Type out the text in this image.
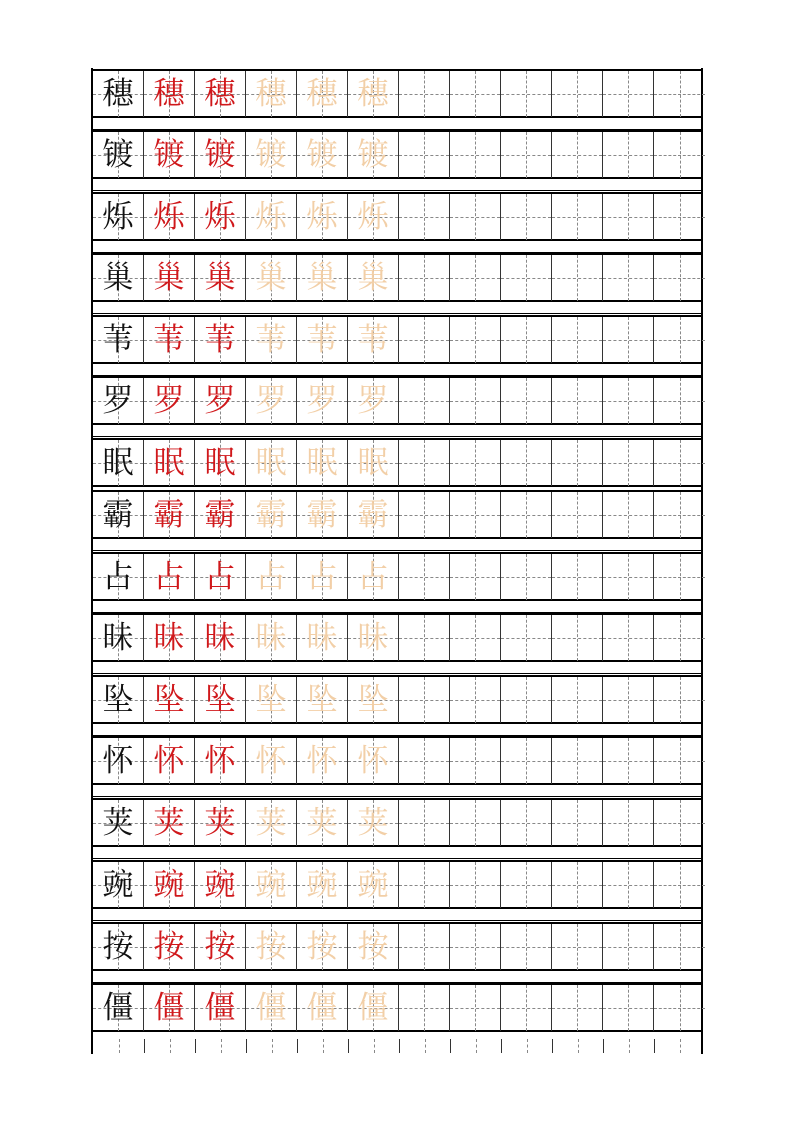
穗 穗 穗 穗 穗 穗
镀 镀 镀 镀 镀 镀
烁 烁 烁 烁 烁 烁
巢 巢 巢 巢 巢 巢
苇 苇 苇 苇 苇 苇
罗 罗 罗 罗 罗 罗
眠 眠 眠 眠 眠 眠
霸 霸 霸 霸 霸 霸
占 占 占 占 占 占
昧 昧 昧 昧 昧 昧
坠 坠 坠 坠 坠 坠
怀 怀 怀 怀 怀 怀
荚 荚 荚 荚 荚 荚
豌 豌 豌 豌 豌 豌
按 按 按 按 按 按
僵 僵 僵 僵 僵 僵
